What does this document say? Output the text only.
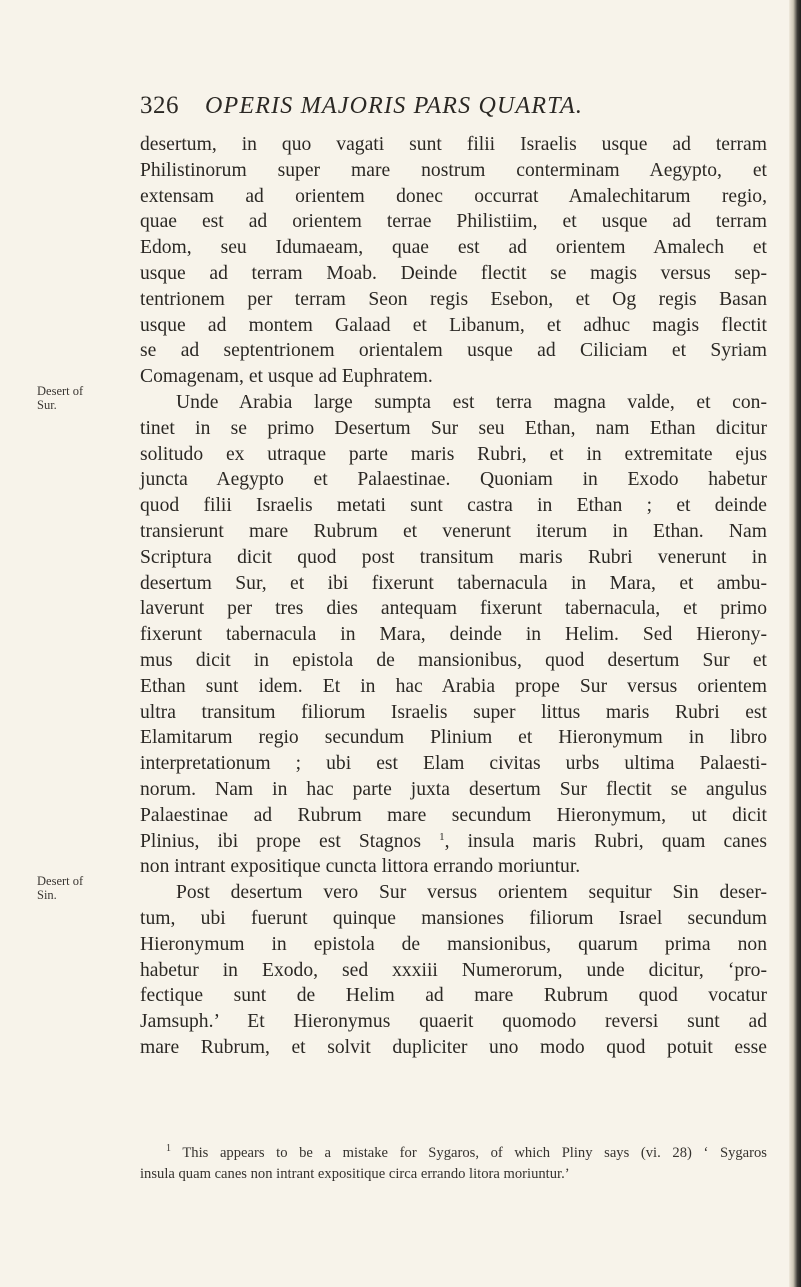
326 OPERIS MAJORIS PARS QUARTA.
Desert of
Sur.
Desert of
Sin.
desertum, in quo vagati sunt filii Israelis usque ad terram
Philistinorum super mare nostrum conterminam Aegypto, et
extensam ad orientem donec occurrat Amalechitarum regio,
quae est ad orientem terrae Philistiim, et usque ad terram
Edom, seu Idumaeam, quae est ad orientem Amalech et
usque ad terram Moab. Deinde flectit se magis versus sep-
tentrionem per terram Seon regis Esebon, et Og regis Basan
usque ad montem Galaad et Libanum, et adhuc magis flectit
se ad septentrionem orientalem usque ad Ciliciam et Syriam
Comagenam, et usque ad Euphratem.
Unde Arabia large sumpta est terra magna valde, et con-
tinet in se primo Desertum Sur seu Ethan, nam Ethan dicitur
solitudo ex utraque parte maris Rubri, et in extremitate ejus
juncta Aegypto et Palaestinae. Quoniam in Exodo habetur
quod filii Israelis metati sunt castra in Ethan ; et deinde
transierunt mare Rubrum et venerunt iterum in Ethan. Nam
Scriptura dicit quod post transitum maris Rubri venerunt in
desertum Sur, et ibi fixerunt tabernacula in Mara, et ambu-
laverunt per tres dies antequam fixerunt tabernacula, et primo
fixerunt tabernacula in Mara, deinde in Helim. Sed Hierony-
mus dicit in epistola de mansionibus, quod desertum Sur et
Ethan sunt idem. Et in hac Arabia prope Sur versus orientem
ultra transitum filiorum Israelis super littus maris Rubri est
Elamitarum regio secundum Plinium et Hieronymum in libro
interpretationum ; ubi est Elam civitas urbs ultima Palaesti-
norum. Nam in hac parte juxta desertum Sur flectit se angulus
Palaestinae ad Rubrum mare secundum Hieronymum, ut dicit
Plinius, ibi prope est Stagnos $^1$, insula maris Rubri, quam canes
non intrant expositique cuncta littora errando moriuntur.
Post desertum vero Sur versus orientem sequitur Sin deser-
tum, ubi fuerunt quinque mansiones filiorum Israel secundum
Hieronymum in epistola de mansionibus, quarum prima non
habetur in Exodo, sed xxxiii Numerorum, unde dicitur, ‘pro-
fectique sunt de Helim ad mare Rubrum quod vocatur
Jamsuph.’ Et Hieronymus quaerit quomodo reversi sunt ad
mare Rubrum, et solvit dupliciter uno modo quod potuit esse
$^1$ This appears to be a mistake for Sygaros, of which Pliny says (vi. 28) ‘ Sygaros
insula quam canes non intrant expositique circa errando litora moriuntur.’
